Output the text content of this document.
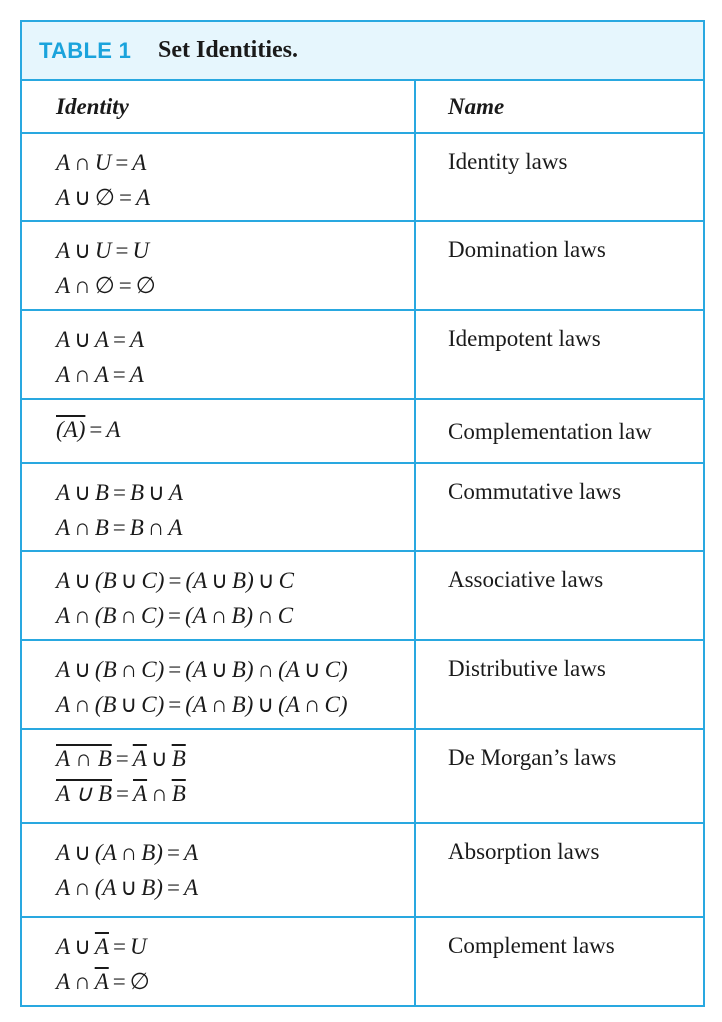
TABLE 1 Set Identities.
Identity	Name
A ∩ U = A
A ∪ ∅ = A
Identity laws
A ∪ U = U
A ∩ ∅ = ∅
Domination laws
A ∪ A = A
A ∩ A = A
Idempotent laws
(A) = A	Complementation law
A ∪ B = B ∪ A
A ∩ B = B ∩ A
Commutative laws
A ∪ (B ∪ C) = (A ∪ B) ∪ C
A ∩ (B ∩ C) = (A ∩ B) ∩ C
Associative laws
A ∪ (B ∩ C) = (A ∪ B) ∩ (A ∪ C)
A ∩ (B ∪ C) = (A ∩ B) ∪ (A ∩ C)
Distributive laws
A ∩ $B = \overline{A}$ ∪ $\overline{B}$
A ∪ $B = \overline{A}$ ∩ $\overline{B}$
De Morgan’s laws
A ∪ (A ∩ B) = A
A ∩ (A ∪ B) = A
Absorption laws
A ∪ $\overline{A} = U$
A ∩ $\overline{A}$ = ∅
Complement laws
